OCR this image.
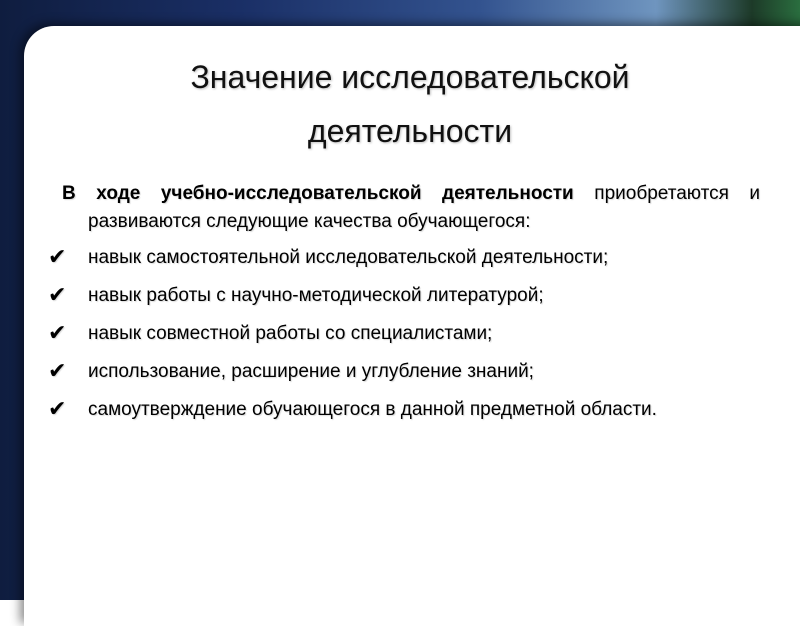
Значение исследовательской
деятельности
В ходе учебно-исследовательской деятельности приобретаются и развиваются следующие качества обучающегося:
✔ навык самостоятельной исследовательской деятельности;
✔ навык работы с научно-методической литературой;
✔ навык совместной работы со специалистами;
✔ использование, расширение и углубление знаний;
✔ самоутверждение обучающегося в данной предметной области.
